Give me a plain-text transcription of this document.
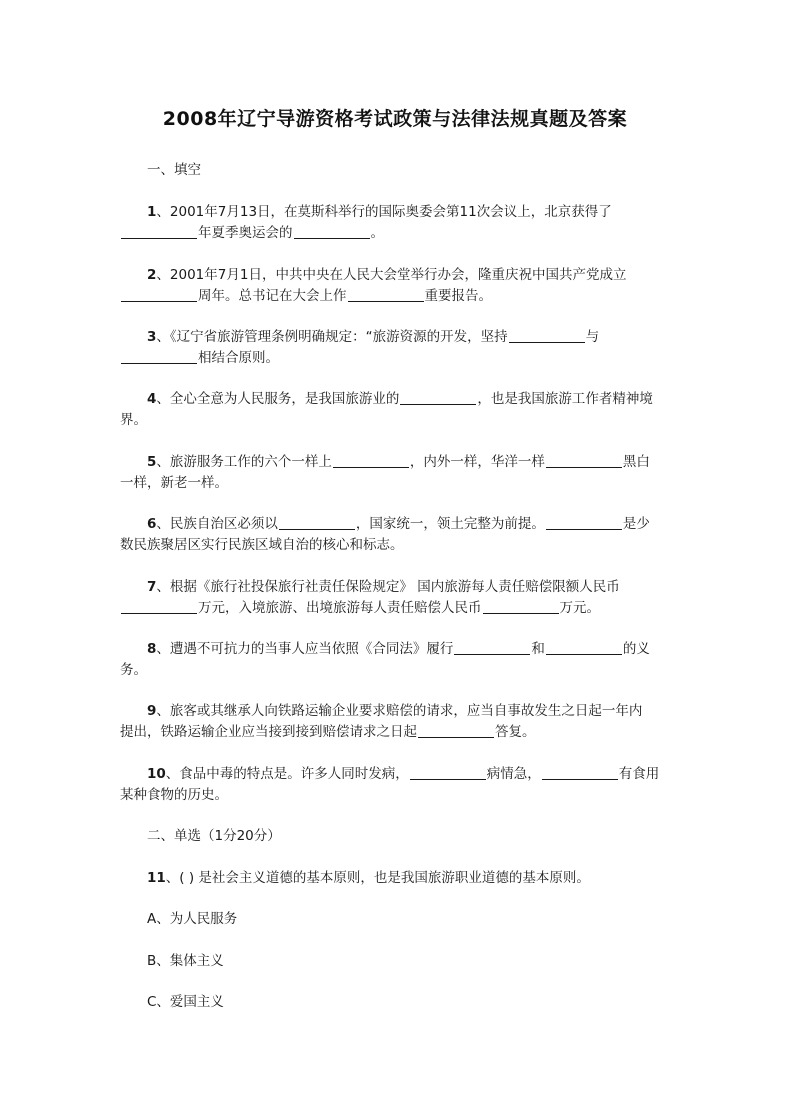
2008年辽宁导游资格考试政策与法律法规真题及答案
一、填空
1、2001年7月13日，在莫斯科举行的国际奥委会第11次会议上，北京获得了
年夏季奥运会的	。
2、2001年7月1日，中共中央在人民大会堂举行办会，隆重庆祝中国共产党成立
周年。总书记在大会上作	重要报告。
3、《辽宁省旅游管理条例明确规定：“旅游资源的开发，坚持	与
相结合原则。
4、全心全意为人民服务，是我国旅游业的	，也是我国旅游工作者精神境
界。
5、旅游服务工作的六个一样上	，内外一样，华洋一样	黑白
一样，新老一样。
6、民族自治区必须以	，国家统一，领土完整为前提。	是少
数民族聚居区实行民族区域自治的核心和标志。
7、根据《旅行社投保旅行社责任保险规定》 国内旅游每人责任赔偿限额人民币
万元，入境旅游、出境旅游每人责任赔偿人民币	万元。
8、遭遇不可抗力的当事人应当依照《合同法》履行	和	的义
务。
9、旅客或其继承人向铁路运输企业要求赔偿的请求，应当自事故发生之日起一年内
提出，铁路运输企业应当接到接到赔偿请求之日起	答复。
10、食品中毒的特点是。许多人同时发病，	病情急，	有食用
某种食物的历史。
二、单选（1分20分）
11、( ) 是社会主义道德的基本原则，也是我国旅游职业道德的基本原则。
A、为人民服务
B、集体主义
C、爱国主义
